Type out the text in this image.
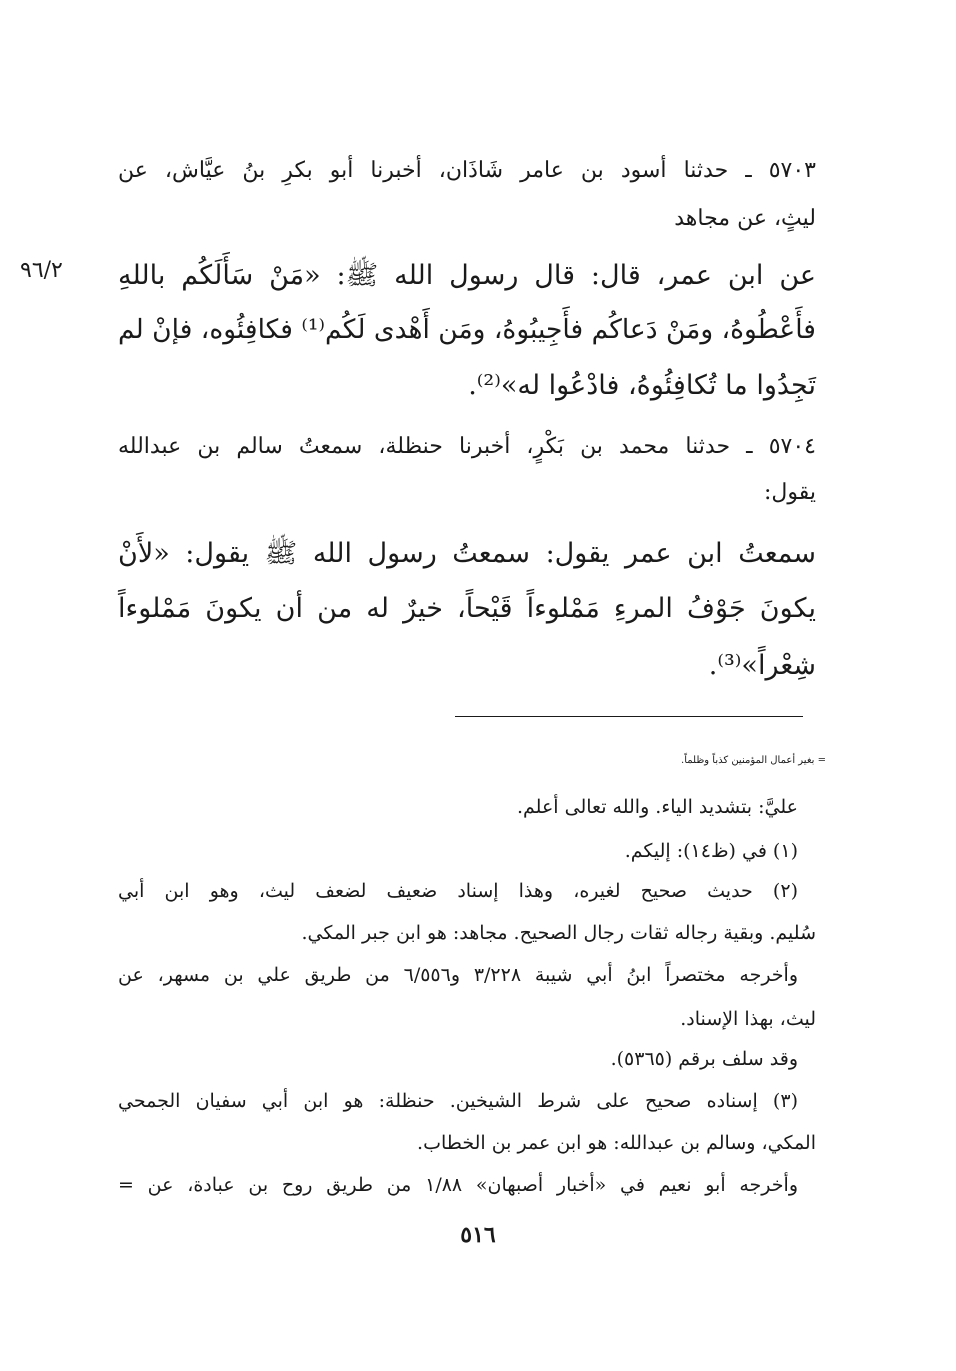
٥٧٠٣ ـ حدثنا أسود بن عامر شَاذَان، أخبرنا أبو بكرِ بنُ عيَّاش، عن
ليثٍ، عن مجاهد
٩٦/٢ عن ابن عمر، قال: قال رسول الله ﷺ: «مَنْ سَأَلَكُم باللهِ
فأَعْطُوهُ، ومَنْ دَعاكُم فأَجِيبُوهُ، ومَن أَهْدى لَكُم⁽¹⁾ فكافِئُوه، فإنْ لم
تَجِدُوا ما تُكافِئُوهُ، فادْعُوا له»⁽²⁾.
٥٧٠٤ ـ حدثنا محمد بن بَكْرٍ، أخبرنا حنظلة، سمعتُ سالم بن عبدالله
يقول:
سمعتُ ابن عمر يقول: سمعتُ رسول الله ﷺ يقول: «لأَنْ
يكونَ جَوْفُ المرءِ مَمْلوءاً قَيْحاً، خيرٌ له من أن يكونَ مَمْلوءاً
شِعْراً»⁽³⁾.
= بغير أعمال المؤمنين كذباً وظلماً.
عليَّ: بتشديد الياء. والله تعالى أعلم.
(١) في (ظ١٤): إليكم.
(٢) حديث صحيح لغيره، وهذا إسناد ضعيف لضعف ليث، وهو ابن أبي
سُليم. وبقية رجاله ثقات رجال الصحيح. مجاهد: هو ابن جبر المكي.
وأخرجه مختصراً ابنُ أبي شيبة ٣/٢٢٨ و٦/٥٥٦ من طريق علي بن مسهر، عن
ليث، بهذا الإسناد.
وقد سلف برقم (٥٣٦٥).
(٣) إسناده صحيح على شرط الشيخين. حنظلة: هو ابن أبي سفيان الجمحي
المكي، وسالم بن عبدالله: هو ابن عمر بن الخطاب.
وأخرجه أبو نعيم في «أخبار أصبهان» ١/٨٨ من طريق روح بن عبادة، عن =
٥١٦
